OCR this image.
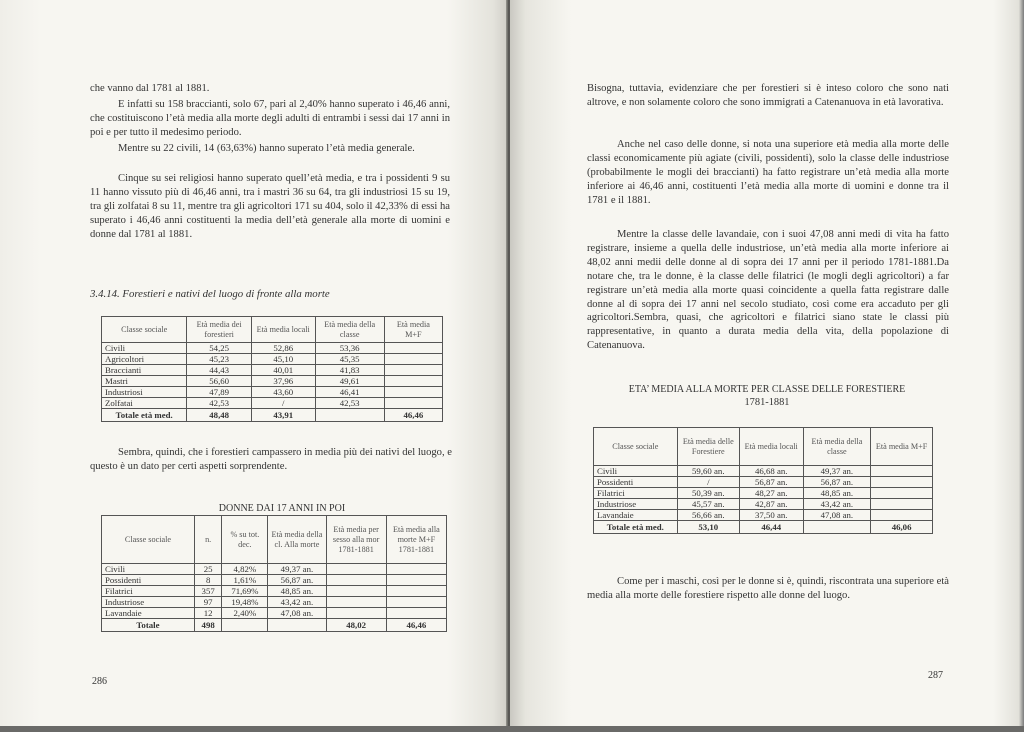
che vanno dal 1781 al 1881.

E infatti su 158 braccianti, solo 67, pari al 2,40% hanno superato i 46,46 anni, che costituiscono l’età media alla morte degli adulti di entrambi i sessi dai 17 anni in poi e per tutto il medesimo periodo.

Mentre su 22 civili, 14 (63,63%) hanno superato l’età media generale.

Cinque su sei religiosi hanno superato quell’età media, e tra i possidenti 9 su 11 hanno vissuto più di 46,46 anni, tra i mastri 36 su 64, tra gli industriosi 15 su 19, tra gli zolfatai 8 su 11, mentre tra gli agricoltori 171 su 404, solo il 42,33% di essi ha superato i 46,46 anni costituenti la media dell’età generale alla morte di uomini e donne dal 1781 al 1881.

3.4.14. Forestieri e nativi del luogo di fronte alla morte
Classe sociale	Età media dei forestieri	Età media locali	Età media della classe	Età media M+F
Civili	54,25	52,86	53,36	
Agricoltori	45,23	45,10	45,35	
Braccianti	44,43	40,01	41,83	
Mastri	56,60	37,96	49,61	
Industriosi	47,89	43,60	46,41	
Zolfatai	42,53	/	42,53	
Totale età med.	48,48	43,91		46,46

Sembra, quindi, che i forestieri campassero in media più dei nativi del luogo, e questo è un dato per certi aspetti sorprendente.

DONNE DAI 17 ANNI IN POI
Classe sociale	n.	% su tot. dec.	Età media della cl. Alla morte	Età media per sesso alla mor 1781-1881	Età media alla morte M+F 1781-1881
Civili	25	4,82%	49,37 an.		
Possidenti	8	1,61%	56,87 an.		
Filatrici	357	71,69%	48,85 an.		
Industriose	97	19,48%	43,42 an.		
Lavandaie	12	2,40%	47,08 an.		
Totale	498			48,02	46,46
286

Bisogna, tuttavia, evidenziare che per forestieri si è inteso coloro che sono nati altrove, e non solamente coloro che sono immigrati a Catenanuova in età lavorativa.

Anche nel caso delle donne, si nota una superiore età media alla morte delle classi economicamente più agiate (civili, possidenti), solo la classe delle industriose (probabilmente le mogli dei braccianti) ha fatto registrare un’età media alla morte inferiore ai 46,46 anni, costituenti l’età media alla morte di uomini e donne tra il 1781 e il 1881.

Mentre la classe delle lavandaie, con i suoi 47,08 anni medi di vita ha fatto registrare, insieme a quella delle industriose, un’età media alla morte inferiore ai 48,02 anni medii delle donne al di sopra dei 17 anni per il periodo 1781-1881.Da notare che, tra le donne, è la classe delle filatrici (le mogli degli agricoltori) a far registrare un’età media alla morte quasi coincidente a quella fatta registrare dalle donne al di sopra dei 17 anni nel secolo studiato, così come era accaduto per gli agricoltori.Sembra, quasi, che agricoltori e filatrici siano state le classi più rappresentative, in quanto a durata media della vita, della popolazione di Catenanuova.

ETA’ MEDIA ALLA MORTE PER CLASSE DELLE FORESTIERE
1781-1881
Classe sociale	Età media delle Forestiere	Età media locali	Età media della classe	Età media M+F
Civili	59,60 an.	46,68 an.	49,37 an.	
Possidenti	/	56,87 an.	56,87 an.	
Filatrici	50,39 an.	48,27 an.	48,85 an.	
Industriose	45,57 an.	42,87 an.	43,42 an.	
Lavandaie	56,66 an.	37,50 an.	47,08 an.	
Totale età med.	53,10	46,44		46,06

Come per i maschi, così per le donne si è, quindi, riscontrata una superiore età media alla morte delle forestiere rispetto alle donne del luogo.

287
